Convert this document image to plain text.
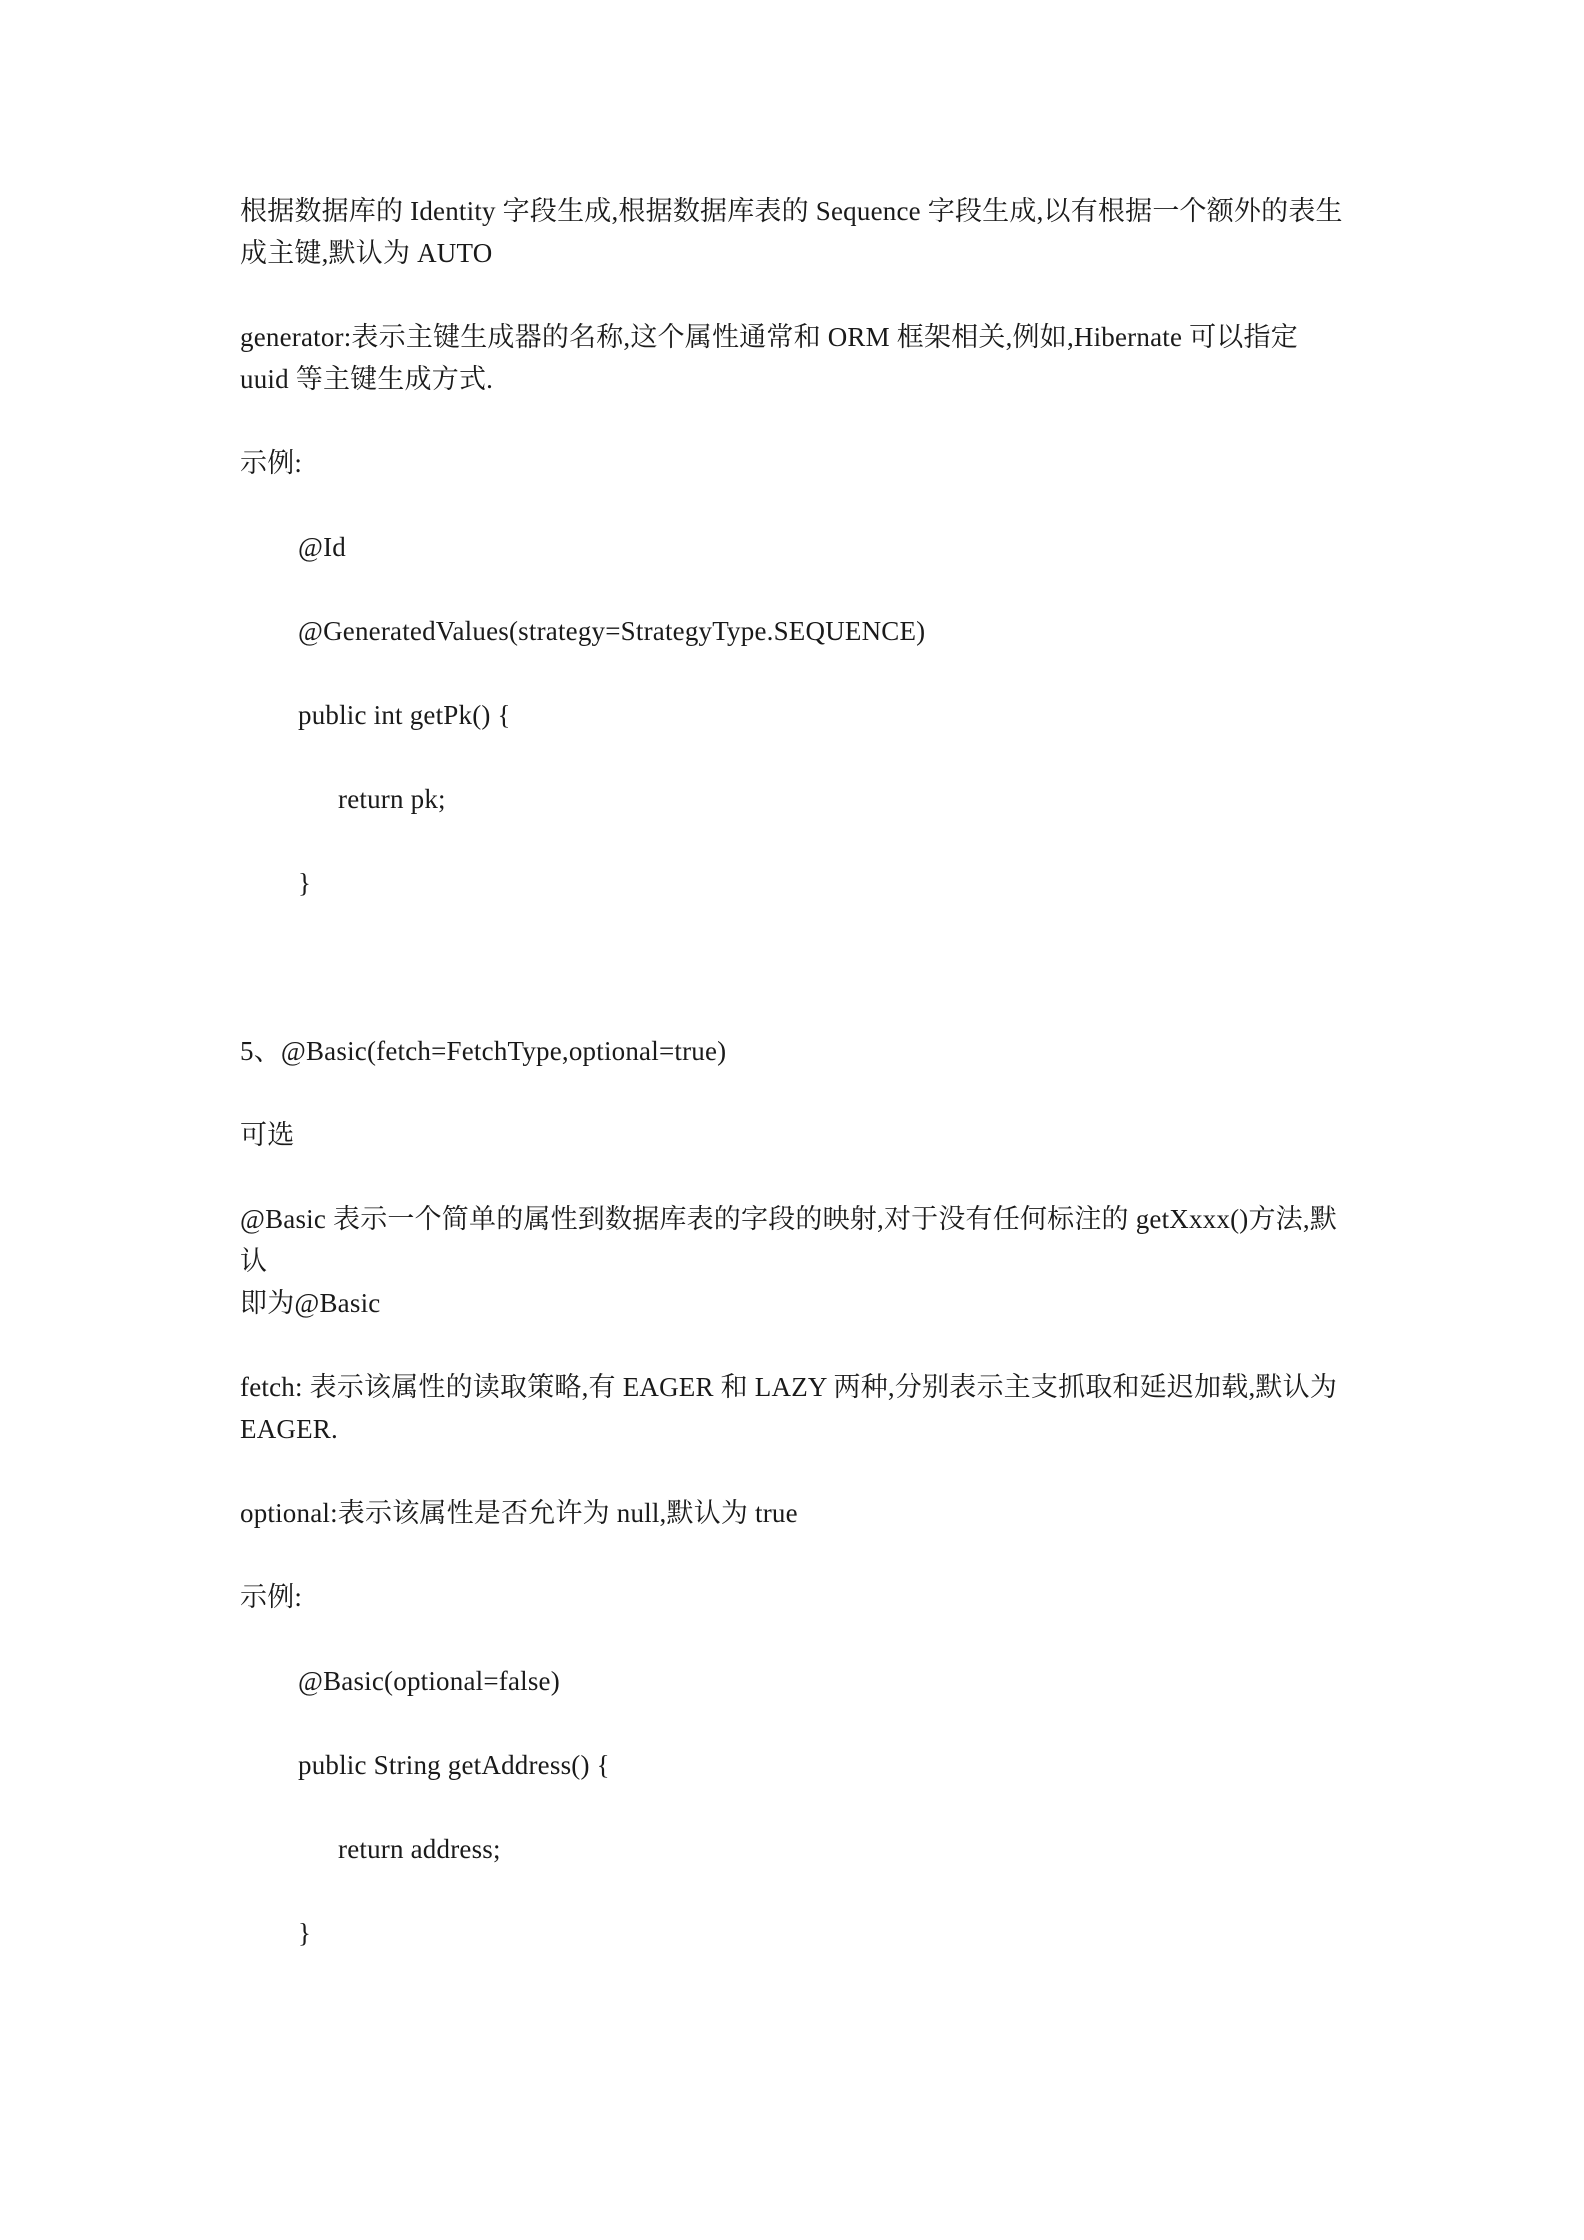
根据数据库的 Identity 字段生成,根据数据库表的 Sequence 字段生成,以有根据一个额外的表生
成主键,默认为 AUTO
generator:表示主键生成器的名称,这个属性通常和 ORM 框架相关,例如,Hibernate 可以指定
uuid 等主键生成方式.
示例:
@Id
@GeneratedValues(strategy=StrategyType.SEQUENCE)
public int getPk() {
return pk;
}
5、@Basic(fetch=FetchType,optional=true)
可选
@Basic 表示一个简单的属性到数据库表的字段的映射,对于没有任何标注的 getXxxx()方法,默
认
即为@Basic
fetch: 表示该属性的读取策略,有 EAGER 和 LAZY 两种,分别表示主支抓取和延迟加载,默认为
EAGER.
optional:表示该属性是否允许为 null,默认为 true
示例:
@Basic(optional=false)
public String getAddress() {
return address;
}
